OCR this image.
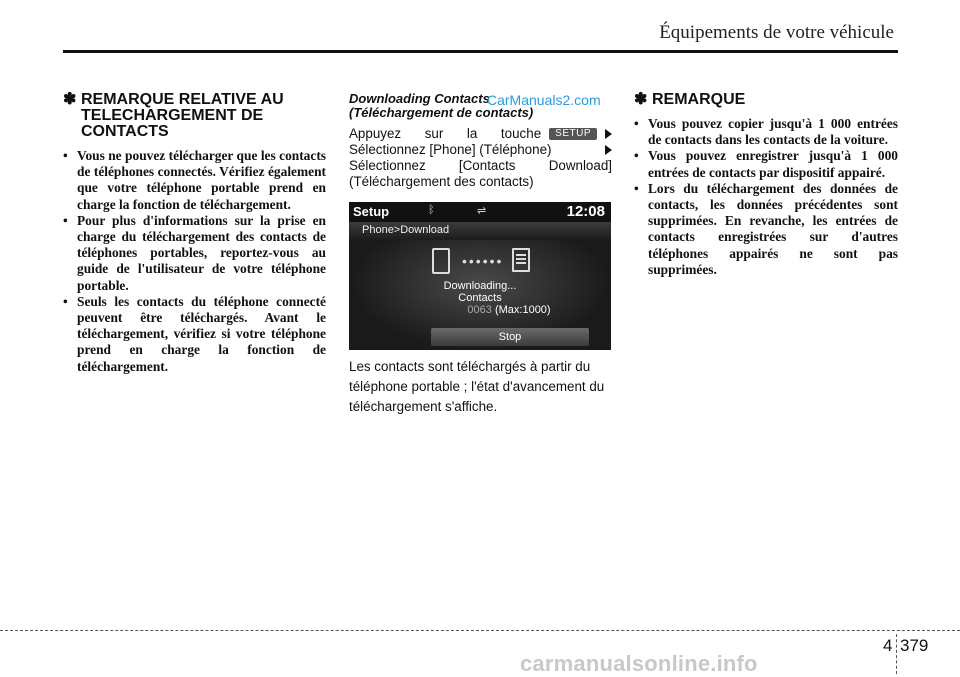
Équipements de votre véhicule
✽ REMARQUE RELATIVE AU TELECHARGEMENT DE CONTACTS
• Vous ne pouvez télécharger que les contacts de téléphones connectés. Vérifiez également que votre téléphone portable prend en charge la fonction de téléchargement.
• Pour plus d'informations sur la prise en charge du téléchargement des contacts de téléphones portables, reportez-vous au guide de l'utilisateur de votre téléphone portable.
• Seuls les contacts du téléphone connecté peuvent être téléchargés. Avant le téléchargement, vérifiez si votre téléphone prend en charge la fonction de téléchargement.
Downloading Contacts
(Téléchargement de contacts)
Appuyez sur la touche	SETUP
Sélectionnez [Phone] (Téléphone)
Sélectionnez [Contacts Download]
(Téléchargement des contacts)
Setup	ᛒ	⇌	12:08
Phone>Download
••••••
Downloading...
Contacts
0063 (Max:1000)
Stop
Les contacts sont téléchargés à partir du téléphone portable ; l'état d'avancement du téléchargement s'affiche.
CarManuals2.com ✽ REMARQUE
• Vous pouvez copier jusqu'à 1 000 entrées de contacts dans les contacts de la voiture.
• Vous pouvez enregistrer jusqu'à 1 000 entrées de contacts par dispositif appairé.
• Lors du téléchargement des données de contacts, les données précédentes sont supprimées. En revanche, les entrées de contacts enregistrées sur d'autres téléphones appairés ne sont pas supprimées.
4 379
carmanualsonline.info
